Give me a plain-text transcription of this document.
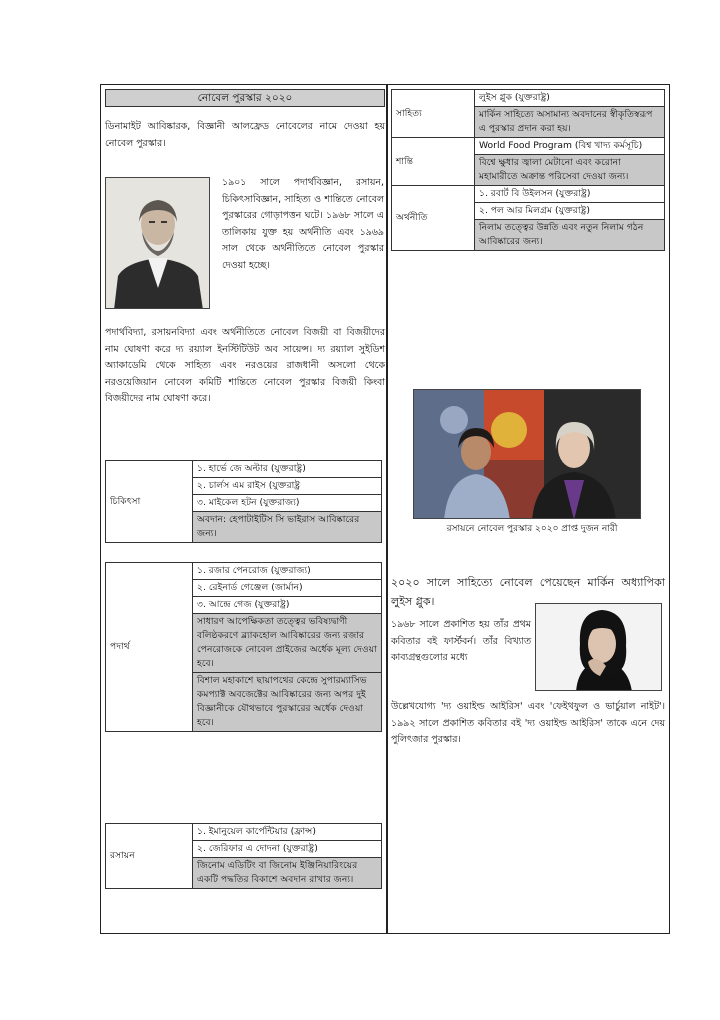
নোবেল পুরস্কার ২০২০
ডিনামাইট আবিষ্কারক, বিজ্ঞানী আলফ্রেড নোবেলের নামে দেওয়া হয় নোবেল পুরস্কার।
১৯০১ সালে পদার্থবিজ্ঞান, রসায়ন, চিকিৎসাবিজ্ঞান, সাহিত্য ও শান্তিতে নোবেল পুরস্কারের গোড়াপত্তন ঘটে। ১৯৬৮ সালে এ তালিকায় যুক্ত হয় অর্থনীতি এবং ১৯৬৯ সাল থেকে অর্থনীতিতে নোবেল পুরস্কার দেওয়া হচ্ছে।
পদার্থবিদ্যা, রসায়নবিদ্যা এবং অর্থনীতিতে নোবেল বিজয়ী বা বিজয়ীদের নাম ঘোষণা করে দ্য রয়্যাল ইনস্টিটিউট অব সায়েন্স। দ্য রয়্যাল সুইডিশ অ্যাকাডেমি থেকে সাহিত্য এবং নরওয়ের রাজধানী অসলো থেকে নরওয়েজিয়ান নোবেল কমিটি শান্তিতে নোবেল পুরস্কার বিজয়ী কিংবা বিজয়ীদের নাম ঘোষণা করে।
চিকিৎসা	১. হার্ভে জে অল্টার (যুক্তরাষ্ট্র)
২. চার্লস এম রাইস (যুক্তরাষ্ট্র
৩. মাইকেল হটন (যুক্তরাজ্য)
অবদান: হেপাটাইটিস সি ভাইরাস আবিষ্কারের জন্য।
পদার্থ	১. রজার পেনরোজ (যুক্তরাজ্য)
২. রেইনার্ড গেঞ্জেল (জার্মান)
৩. আন্দ্রে গেজ (যুক্তরাষ্ট্র)
সাধারণ আপেক্ষিকতা তত্ত্বের ভবিষ্যদ্বাণী বলিষ্ঠকরণে ব্ল্যাকহোল আবিষ্কারের জন্য রজার পেনরোজকে নোবেল প্রাইজের অর্ধেক মূল্য দেওয়া হবে।
বিশাল মহাকাশে ছায়াপথের কেন্দ্রে সুপারম্যাসিভ কমপ্যাক্ট অবজেক্টের আবিষ্কারের জন্য অপর দুই বিজ্ঞানীকে যৌথভাবে পুরস্কারের অর্ধেক দেওয়া হবে।
রসায়ন	১. ইমানুয়েল কার্পেন্টিয়ার (ফ্রান্স)
২. জেরিফার এ দোদনা (যুক্তরাষ্ট্র)
জিনোম এডিটিং বা জিনোম ইঞ্জিনিয়ারিংয়ের একটি পদ্ধতির বিকাশে অবদান রাখার জন্য।
সাহিত্য	লুইস গ্লুক (যুক্তরাষ্ট্র)
	মার্কিন সাহিত্যে অসামান্য অবদানের স্বীকৃতিস্বরূপ এ পুরস্কার প্রদান করা হয়।
শান্তি	World Food Program (বিশ্ব খাদ্য কর্মসূচি)
	বিশ্বে ক্ষুধার জ্বালা মেটানো এবং করোনা মহামারীতে অক্রান্ত পরিসেবা দেওয়া জন্য।
অর্থনীতি	১. রবার্ট বি উইলসন (যুক্তরাষ্ট্র)
	২. পল আর মিলগ্রম (যুক্তরাষ্ট্র)
	নিলাম তত্ত্বের উন্নতি এবং নতুন নিলাম গঠন আবিষ্কারের জন্য।
রসায়নে নোবেল পুরস্কার ২০২০ প্রাপ্ত দুজন নারী
২০২০ সালে সাহিত্যে নোবেল পেয়েছেন মার্কিন অধ্যাপিকা লুইস গ্লুক।
১৯৬৮ সালে প্রকাশিত হয় তাঁর প্রথম কবিতার বই ফার্স্টবর্ন। তাঁর বিখ্যাত কাব্যগ্রন্থগুলোর মধ্যে
উল্লেখযোগ্য 'দ্য ওয়াইল্ড আইরিস' এবং 'ফেইথফুল ও ভার্চুয়াল নাইট'। ১৯৯২ সালে প্রকাশিত কবিতার বই 'দ্য ওয়াইল্ড আইরিস' তাকে এনে দেয় পুলিৎজার পুরস্কার।
